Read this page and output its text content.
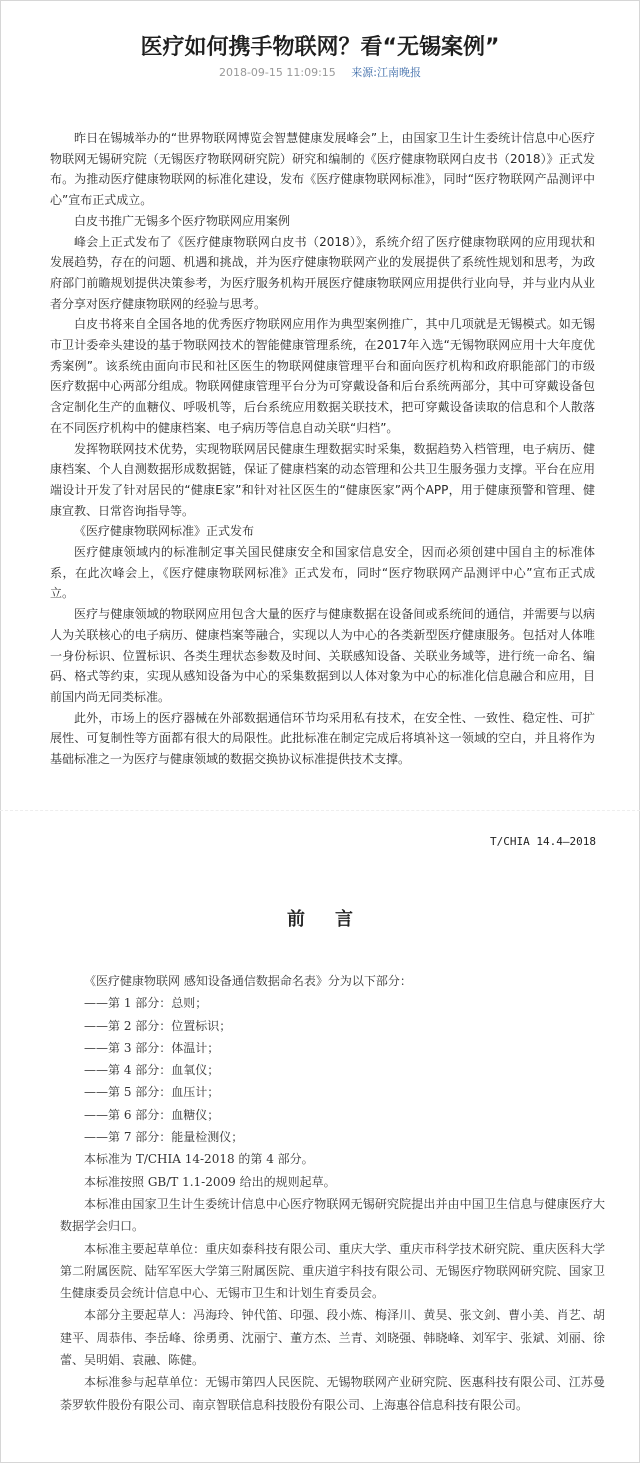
医疗如何携手物联网？看“无锡案例”
2018-09-15 11:09:15 来源:江南晚报

昨日在锡城举办的“世界物联网博览会智慧健康发展峰会”上，由国家卫生计生委统计信息中心医疗物联网无锡研究院（无锡医疗物联网研究院）研究和编制的《医疗健康物联网白皮书（2018）》正式发布。为推动医疗健康物联网的标准化建设，发布《医疗健康物联网标准》，同时“医疗物联网产品测评中心”宣布正式成立。

白皮书推广无锡多个医疗物联网应用案例

峰会上正式发布了《医疗健康物联网白皮书（2018）》，系统介绍了医疗健康物联网的应用现状和发展趋势，存在的问题、机遇和挑战，并为医疗健康物联网产业的发展提供了系统性规划和思考，为政府部门前瞻规划提供决策参考，为医疗服务机构开展医疗健康物联网应用提供行业向导，并与业内从业者分享对医疗健康物联网的经验与思考。

白皮书将来自全国各地的优秀医疗物联网应用作为典型案例推广，其中几项就是无锡模式。如无锡市卫计委牵头建设的基于物联网技术的智能健康管理系统，在2017年入选“无锡物联网应用十大年度优秀案例”。该系统由面向市民和社区医生的物联网健康管理平台和面向医疗机构和政府职能部门的市级医疗数据中心两部分组成。物联网健康管理平台分为可穿戴设备和后台系统两部分，其中可穿戴设备包含定制化生产的血糖仪、呼吸机等，后台系统应用数据关联技术，把可穿戴设备读取的信息和个人散落在不同医疗机构中的健康档案、电子病历等信息自动关联“归档”。

发挥物联网技术优势，实现物联网居民健康生理数据实时采集，数据趋势入档管理，电子病历、健康档案、个人自测数据形成数据链，保证了健康档案的动态管理和公共卫生服务强力支撑。平台在应用端设计开发了针对居民的“健康E家”和针对社区医生的“健康医家”两个APP，用于健康预警和管理、健康宣教、日常咨询指导等。

《医疗健康物联网标准》正式发布

医疗健康领域内的标准制定事关国民健康安全和国家信息安全，因而必须创建中国自主的标准体系，在此次峰会上，《医疗健康物联网标准》正式发布，同时“医疗物联网产品测评中心”宣布正式成立。

医疗与健康领域的物联网应用包含大量的医疗与健康数据在设备间或系统间的通信，并需要与以病人为关联核心的电子病历、健康档案等融合，实现以人为中心的各类新型医疗健康服务。包括对人体唯一身份标识、位置标识、各类生理状态参数及时间、关联感知设备、关联业务域等，进行统一命名、编码、格式等约束，实现从感知设备为中心的采集数据到以人体对象为中心的标准化信息融合和应用，目前国内尚无同类标准。

此外，市场上的医疗器械在外部数据通信环节均采用私有技术，在安全性、一致性、稳定性、可扩展性、可复制性等方面都有很大的局限性。此批标准在制定完成后将填补这一领域的空白，并且将作为基础标准之一为医疗与健康领域的数据交换协议标准提供技术支撑。

T/CHIA 14.4—2018
前言

《医疗健康物联网 感知设备通信数据命名表》分为以下部分：

——第 1 部分：总则；

——第 2 部分：位置标识；

——第 3 部分：体温计；

——第 4 部分：血氧仪；

——第 5 部分：血压计；

——第 6 部分：血糖仪；

——第 7 部分：能量检测仪；

本标准为 T/CHIA 14-2018 的第 4 部分。

本标准按照 GB/T 1.1-2009 给出的规则起草。

本标准由国家卫生计生委统计信息中心医疗物联网无锡研究院提出并由中国卫生信息与健康医疗大数据学会归口。

本标准主要起草单位：重庆如泰科技有限公司、重庆大学、重庆市科学技术研究院、重庆医科大学第二附属医院、陆军军医大学第三附属医院、重庆道宇科技有限公司、无锡医疗物联网研究院、国家卫生健康委员会统计信息中心、无锡市卫生和计划生育委员会。

本部分主要起草人：冯海玲、钟代笛、印强、段小炼、梅泽川、黄昊、张文剑、曹小美、肖艺、胡建平、周恭伟、李岳峰、徐勇勇、沈丽宁、董方杰、兰青、刘晓强、韩晓峰、刘军宇、张斌、刘丽、徐蕾、吴明娟、袁融、陈健。

本标准参与起草单位：无锡市第四人民医院、无锡物联网产业研究院、医惠科技有限公司、江苏曼荼罗软件股份有限公司、南京智联信息科技股份有限公司、上海惠谷信息科技有限公司。
